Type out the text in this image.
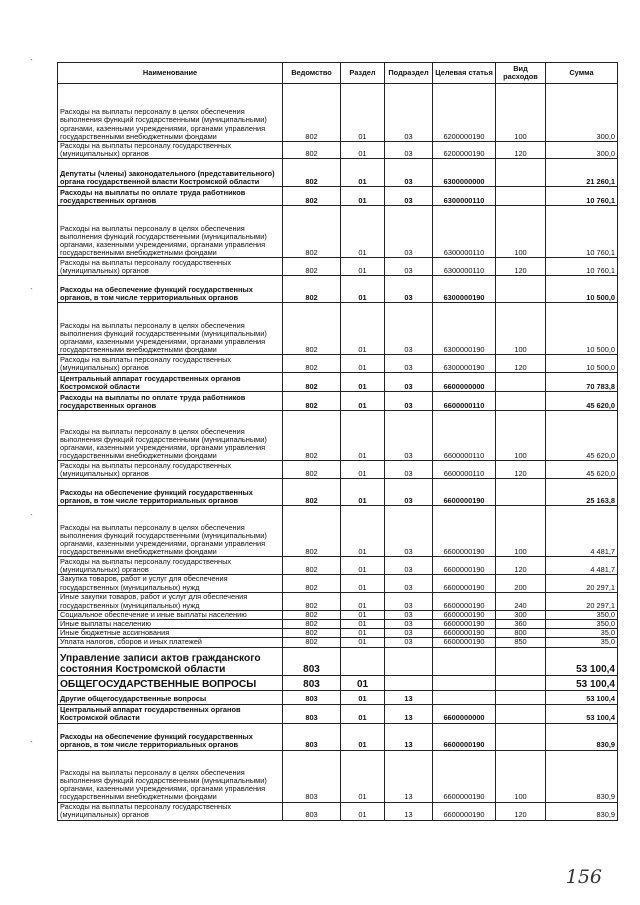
Наименование	Ведомство	Раздел	Подраздел	Целевая статья	Вид расходов	Сумма
Расходы на выплаты персоналу в целях обеспечения выполнения функций государственными (муниципальными) органами, казенными учреждениями, органами управления государственными внебюджетными фондами	802	01	03	6200000190	100	300,0
Расходы на выплаты персоналу государственных (муниципальных) органов	802	01	03	6200000190	120	300,0
Депутаты (члены) законодательного (представительного) органа государственной власти Костромской области	802	01	03	6300000000		21 260,1
Расходы на выплаты по оплате труда работников государственных органов	802	01	03	6300000110		10 760,1
Расходы на выплаты персоналу в целях обеспечения выполнения функций государственными (муниципальными) органами, казенными учреждениями, органами управления государственными внебюджетными фондами	802	01	03	6300000110	100	10 760,1
Расходы на выплаты персоналу государственных (муниципальных) органов	802	01	03	6300000110	120	10 760,1
Расходы на обеспечение функций государственных органов, в том числе территориальных органов	802	01	03	6300000190		10 500,0
Расходы на выплаты персоналу в целях обеспечения выполнения функций государственными (муниципальными) органами, казенными учреждениями, органами управления государственными внебюджетными фондами	802	01	03	6300000190	100	10 500,0
Расходы на выплаты персоналу государственных (муниципальных) органов	802	01	03	6300000190	120	10 500,0
Центральный аппарат государственных органов Костромской области	802	01	03	6600000000		70 783,8
Расходы на выплаты по оплате труда работников государственных органов	802	01	03	6600000110		45 620,0
Расходы на выплаты персоналу в целях обеспечения выполнения функций государственными (муниципальными) органами, казенными учреждениями, органами управления государственными внебюджетными фондами	802	01	03	6600000110	100	45 620,0
Расходы на выплаты персоналу государственных (муниципальных) органов	802	01	03	6600000110	120	45 620,0
Расходы на обеспечение функций государственных органов, в том числе территориальных органов	802	01	03	6600000190		25 163,8
Расходы на выплаты персоналу в целях обеспечения выполнения функций государственными (муниципальными) органами, казенными учреждениями, органами управления государственными внебюджетными фондами	802	01	03	6600000190	100	4 481,7
Расходы на выплаты персоналу государственных (муниципальных) органов	802	01	03	6600000190	120	4 481,7
Закупка товаров, работ и услуг для обеспечения государственных (муниципальных) нужд	802	01	03	6600000190	200	20 297,1
Иные закупки товаров, работ и услуг для обеспечения государственных (муниципальных) нужд	802	01	03	6600000190	240	20 297,1
Социальное обеспечение и иные выплаты населению	802	01	03	6600000190	300	350,0
Иные выплаты населению	802	01	03	6600000190	360	350,0
Иные бюджетные ассигнования	802	01	03	6600000190	800	35,0
Уплата налогов, сборов и иных платежей	802	01	03	6600000190	850	35,0
Управление записи актов гражданского состояния Костромской области	803					53 100,4
ОБЩЕГОСУДАРСТВЕННЫЕ ВОПРОСЫ	803	01				53 100,4
Другие общегосударственные вопросы	803	01	13			53 100,4
Центральный аппарат государственных органов Костромской области	803	01	13	6600000000		53 100,4
Расходы на обеспечение функций государственных органов, в том числе территориальных органов	803	01	13	6600000190		830,9
Расходы на выплаты персоналу в целях обеспечения выполнения функций государственными (муниципальными) органами, казенными учреждениями, органами управления государственными внебюджетными фондами	803	01	13	6600000190	100	830,9
Расходы на выплаты персоналу государственных (муниципальных) органов	803	01	13	6600000190	120	830,9
156
`
`
`
`
